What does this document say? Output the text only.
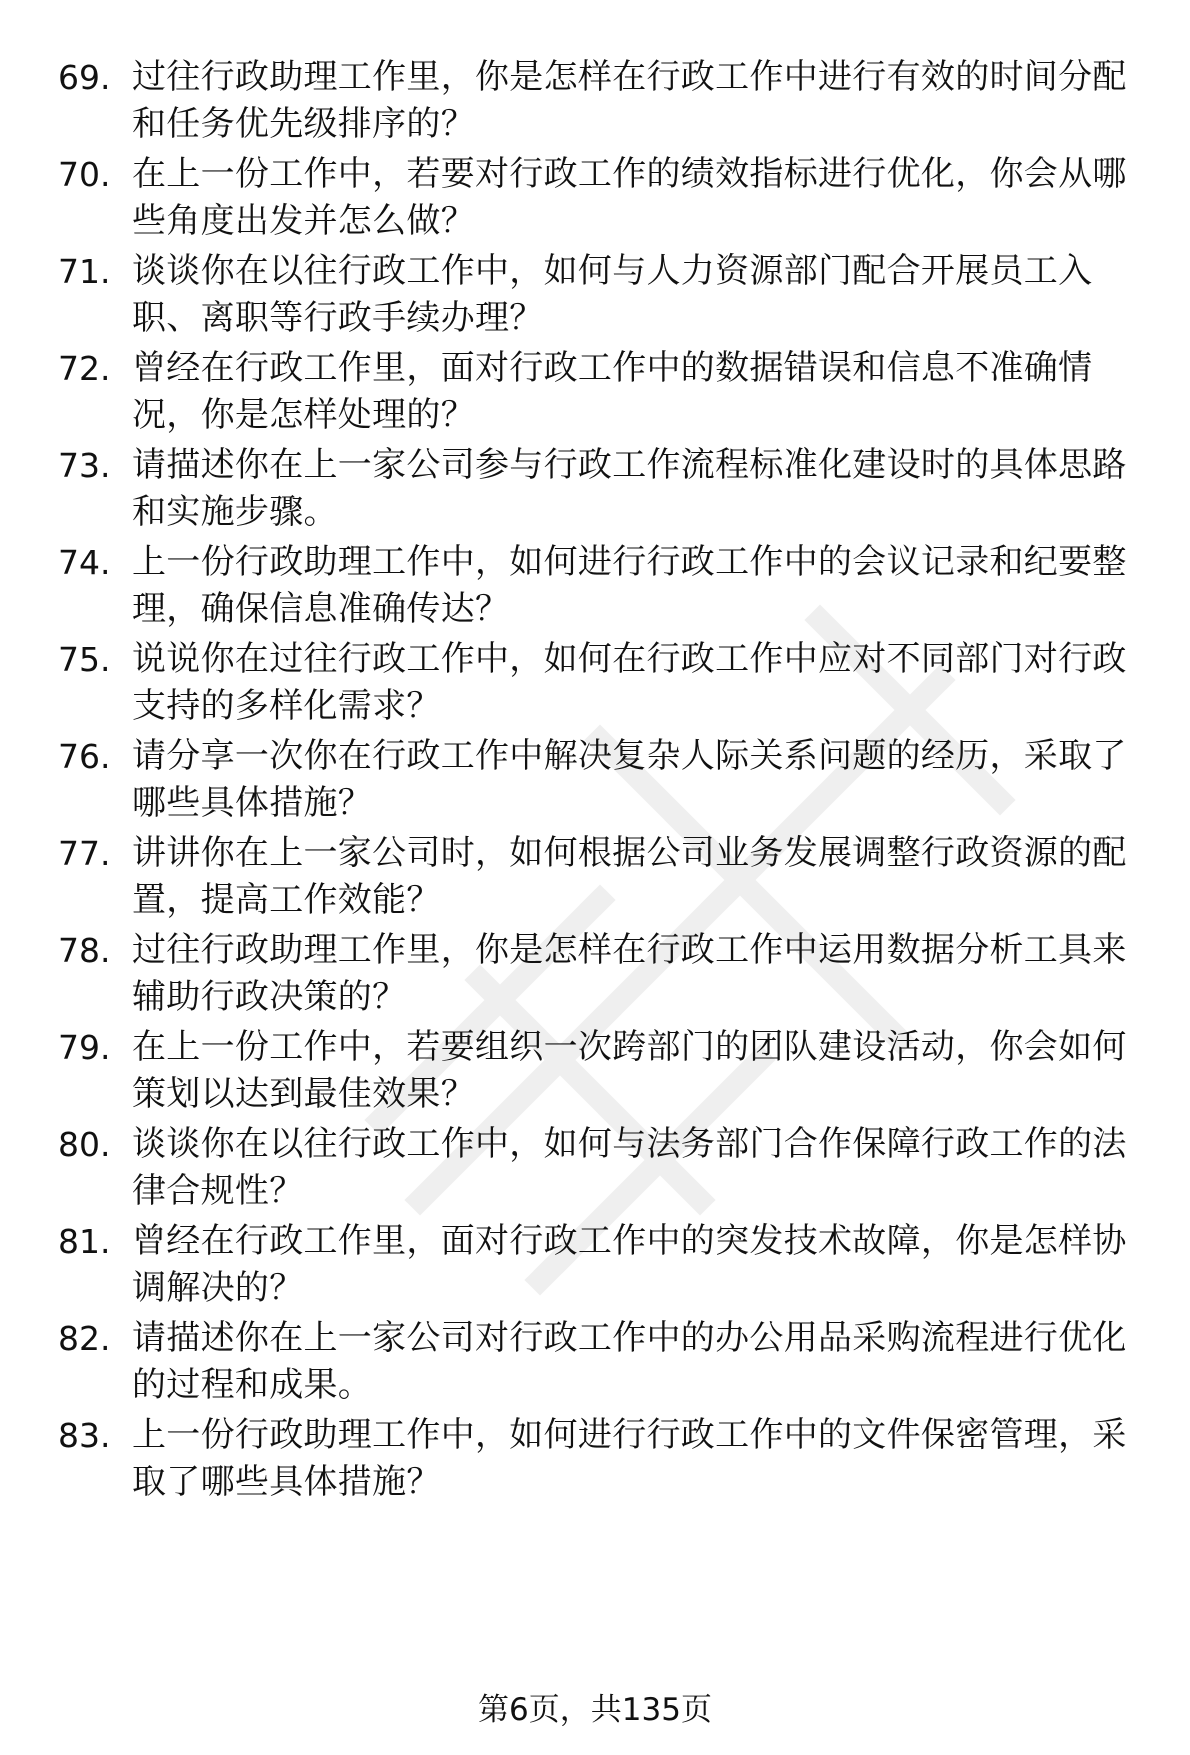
69. 过往行政助理工作里，你是怎样在行政工作中进行有效的时间分配和任务优先级排序的？
70. 在上一份工作中，若要对行政工作的绩效指标进行优化，你会从哪些角度出发并怎么做？
71. 谈谈你在以往行政工作中，如何与人力资源部门配合开展员工入职、离职等行政手续办理？
72. 曾经在行政工作里，面对行政工作中的数据错误和信息不准确情况，你是怎样处理的？
73. 请描述你在上一家公司参与行政工作流程标准化建设时的具体思路和实施步骤。
74. 上一份行政助理工作中，如何进行行政工作中的会议记录和纪要整理，确保信息准确传达？
75. 说说你在过往行政工作中，如何在行政工作中应对不同部门对行政支持的多样化需求？
76. 请分享一次你在行政工作中解决复杂人际关系问题的经历，采取了哪些具体措施？
77. 讲讲你在上一家公司时，如何根据公司业务发展调整行政资源的配置，提高工作效能？
78. 过往行政助理工作里，你是怎样在行政工作中运用数据分析工具来辅助行政决策的？
79. 在上一份工作中，若要组织一次跨部门的团队建设活动，你会如何策划以达到最佳效果？
80. 谈谈你在以往行政工作中，如何与法务部门合作保障行政工作的法律合规性？
81. 曾经在行政工作里，面对行政工作中的突发技术故障，你是怎样协调解决的？
82. 请描述你在上一家公司对行政工作中的办公用品采购流程进行优化的过程和成果。
83. 上一份行政助理工作中，如何进行行政工作中的文件保密管理，采取了哪些具体措施？
第6页，共135页
